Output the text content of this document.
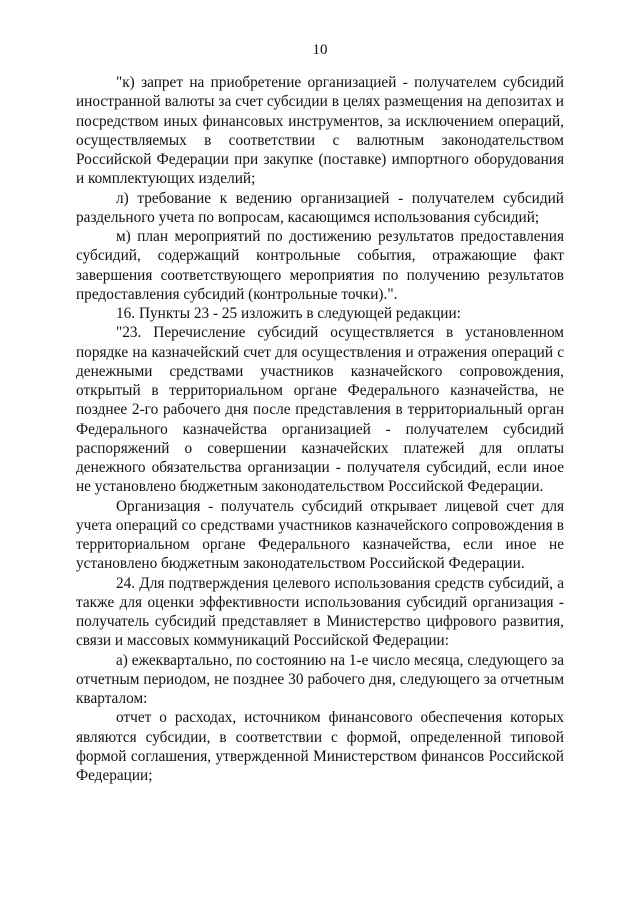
10

"к) запрет на приобретение организацией - получателем субсидий иностранной валюты за счет субсидии в целях размещения на депозитах и посредством иных финансовых инструментов, за исключением операций, осуществляемых в соответствии с валютным законодательством Российской Федерации при закупке (поставке) импортного оборудования и комплектующих изделий;

л) требование к ведению организацией - получателем субсидий раздельного учета по вопросам, касающимся использования субсидий;

м) план мероприятий по достижению результатов предоставления субсидий, содержащий контрольные события, отражающие факт завершения соответствующего мероприятия по получению результатов предоставления субсидий (контрольные точки).".

16. Пункты 23 - 25 изложить в следующей редакции:

"23. Перечисление субсидий осуществляется в установленном порядке на казначейский счет для осуществления и отражения операций с денежными средствами участников казначейского сопровождения, открытый в территориальном органе Федерального казначейства, не позднее 2-го рабочего дня после представления в территориальный орган Федерального казначейства организацией - получателем субсидий распоряжений о совершении казначейских платежей для оплаты денежного обязательства организации - получателя субсидий, если иное не установлено бюджетным законодательством Российской Федерации.

Организация - получатель субсидий открывает лицевой счет для учета операций со средствами участников казначейского сопровождения в территориальном органе Федерального казначейства, если иное не установлено бюджетным законодательством Российской Федерации.

24. Для подтверждения целевого использования средств субсидий, а также для оценки эффективности использования субсидий организация - получатель субсидий представляет в Министерство цифрового развития, связи и массовых коммуникаций Российской Федерации:

а) ежеквартально, по состоянию на 1-е число месяца, следующего за отчетным периодом, не позднее 30 рабочего дня, следующего за отчетным кварталом:

отчет о расходах, источником финансового обеспечения которых являются субсидии, в соответствии с формой, определенной типовой формой соглашения, утвержденной Министерством финансов Российской Федерации;
